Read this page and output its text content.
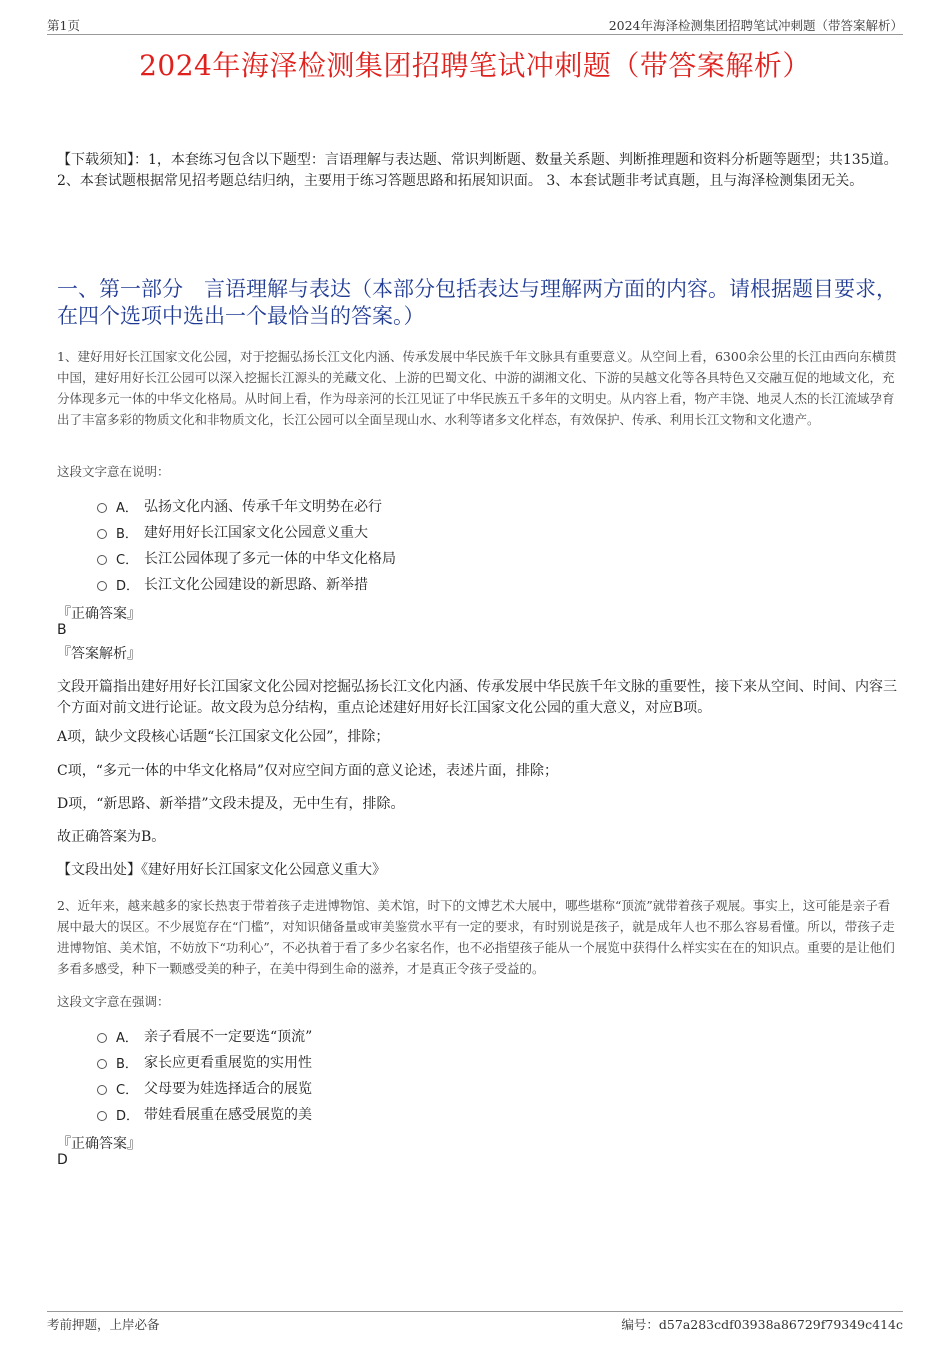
第1页	2024年海泽检测集团招聘笔试冲刺题（带答案解析）
2024年海泽检测集团招聘笔试冲刺题（带答案解析）
【下载须知】：1，本套练习包含以下题型：言语理解与表达题、常识判断题、数量关系题、判断推理题和资料分析题等题型；共135道。 2、本套试题根据常见招考题总结归纳，主要用于练习答题思路和拓展知识面。 3、本套试题非考试真题，且与海泽检测集团无关。
一、第一部分　言语理解与表达（本部分包括表达与理解两方面的内容。请根据题目要求，在四个选项中选出一个最恰当的答案。）
1、建好用好长江国家文化公园，对于挖掘弘扬长江文化内涵、传承发展中华民族千年文脉具有重要意义。从空间上看，6300余公里的长江由西向东横贯中国，建好用好长江公园可以深入挖掘长江源头的羌藏文化、上游的巴蜀文化、中游的湖湘文化、下游的吴越文化等各具特色又交融互促的地域文化，充分体现多元一体的中华文化格局。从时间上看，作为母亲河的长江见证了中华民族五千多年的文明史。从内容上看，物产丰饶、地灵人杰的长江流域孕育出了丰富多彩的物质文化和非物质文化，长江公园可以全面呈现山水、水利等诸多文化样态，有效保护、传承、利用长江文物和文化遗产。
这段文字意在说明：
A． 弘扬文化内涵、传承千年文明势在必行
B． 建好用好长江国家文化公园意义重大
C． 长江公园体现了多元一体的中华文化格局
D． 长江文化公园建设的新思路、新举措
『正确答案』
B
『答案解析』
文段开篇指出建好用好长江国家文化公园对挖掘弘扬长江文化内涵、传承发展中华民族千年文脉的重要性，接下来从空间、时间、内容三个方面对前文进行论证。故文段为总分结构，重点论述建好用好长江国家文化公园的重大意义，对应B项。
A项，缺少文段核心话题“长江国家文化公园”，排除；
C项，“多元一体的中华文化格局”仅对应空间方面的意义论述，表述片面，排除；
D项，“新思路、新举措”文段未提及，无中生有，排除。
故正确答案为B。
【文段出处】《建好用好长江国家文化公园意义重大》
2、近年来，越来越多的家长热衷于带着孩子走进博物馆、美术馆，时下的文博艺术大展中，哪些堪称“顶流”就带着孩子观展。事实上，这可能是亲子看展中最大的误区。不少展览存在“门槛”，对知识储备量或审美鉴赏水平有一定的要求，有时别说是孩子，就是成年人也不那么容易看懂。所以，带孩子走进博物馆、美术馆，不妨放下“功利心”，不必执着于看了多少名家名作，也不必指望孩子能从一个展览中获得什么样实实在在的知识点。重要的是让他们多看多感受，种下一颗感受美的种子，在美中得到生命的滋养，才是真正令孩子受益的。
这段文字意在强调：
A． 亲子看展不一定要选“顶流”
B． 家长应更看重展览的实用性
C． 父母要为娃选择适合的展览
D． 带娃看展重在感受展览的美
『正确答案』
D
考前押题，上岸必备	编号：d57a283cdf03938a86729f79349c414c
